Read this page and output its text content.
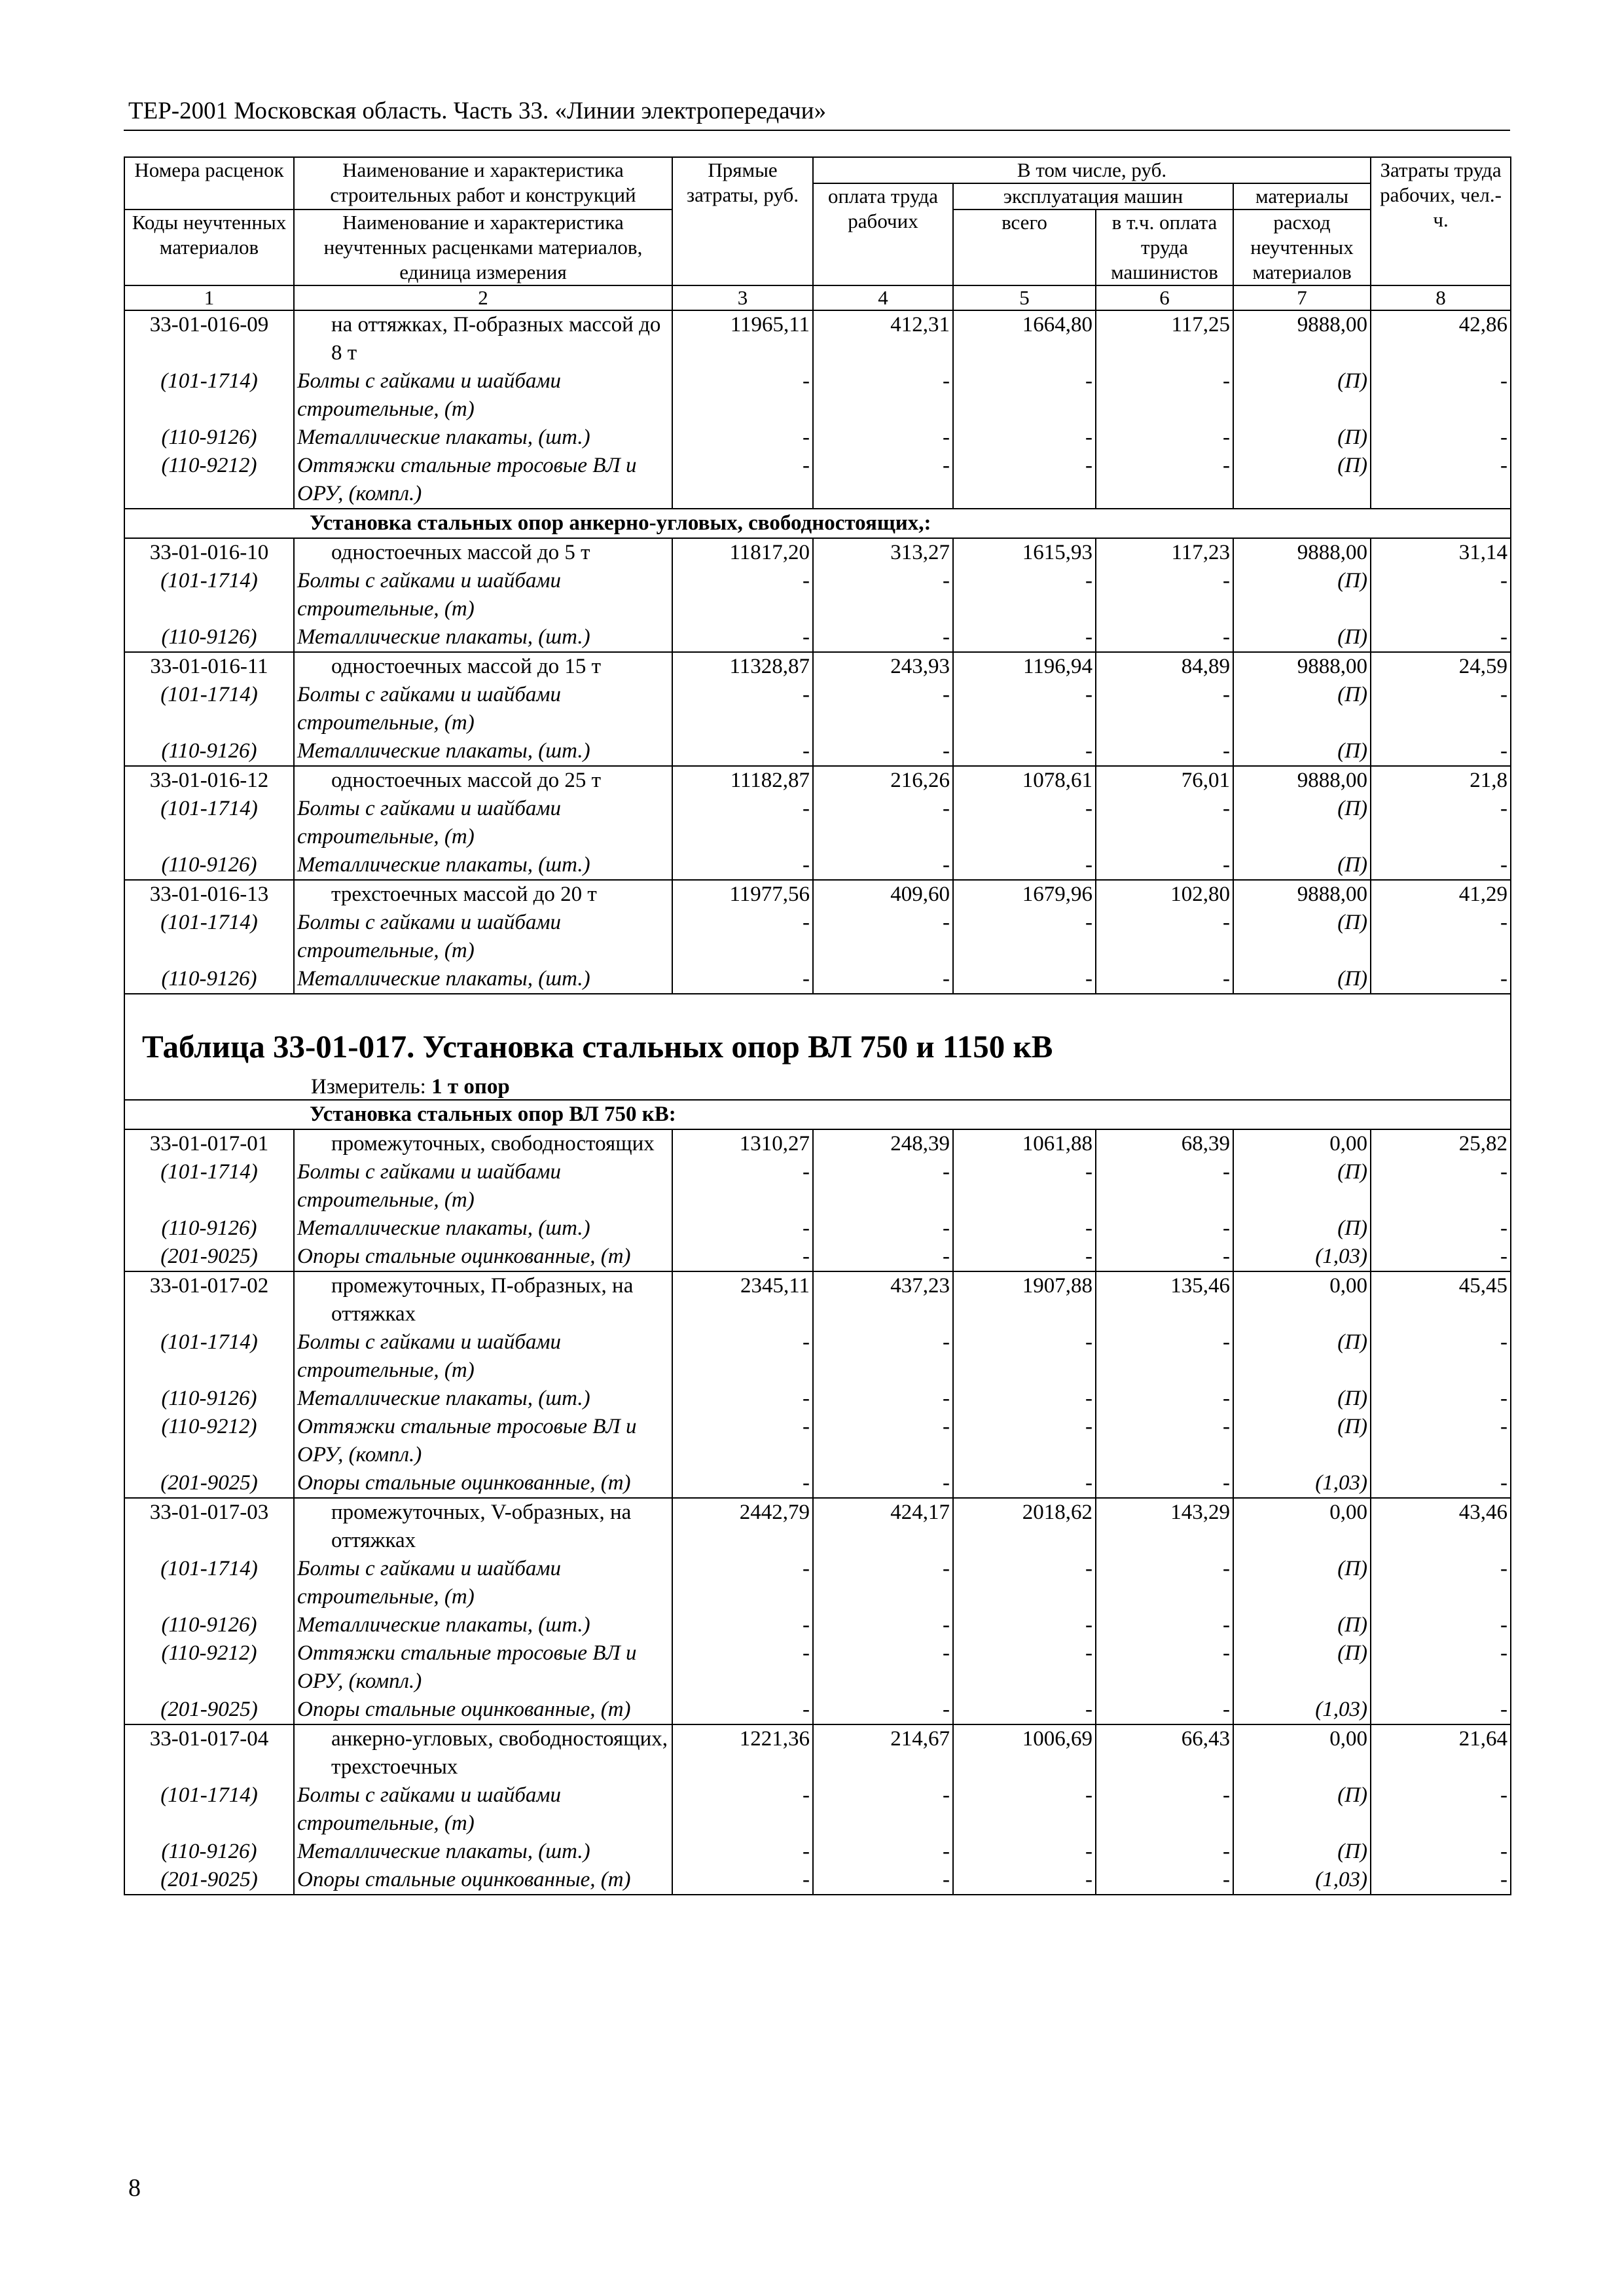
ТЕР-2001 Московская область. Часть 33. «Линии электропередачи»
Номера расценок	Наименование и характеристика строительных работ и конструкций	Прямые затраты, руб.	В том числе, руб.				Затраты труда рабочих, чел.-ч.
			оплата труда рабочих	эксплуатация машин		материалы	
Коды неучтенных материалов	Наименование и характеристика неучтенных расценками материалов, единица измерения			всего	в т.ч. оплата труда машинистов	расход неучтенных материалов	

1	2	3	4	5	6	7	8
33-01-016-09	на оттяжках, П-образных массой до 8 т	11965,11	412,31	1664,80	117,25	9888,00	42,86
(101-1714)	Болты с гайками и шайбами строительные, (т)	-	-	-	-	(П)	-
(110-9126)	Металлические плакаты, (шт.)	-	-	-	-	(П)	-
(110-9212)	Оттяжки стальные тросовые ВЛ и ОРУ, (компл.)	-	-	-	-	(П)	-
Установка стальных опор анкерно-угловых, свободностоящих,:							
33-01-016-10	одностоечных массой до 5 т	11817,20	313,27	1615,93	117,23	9888,00	31,14
(101-1714)	Болты с гайками и шайбами строительные, (т)	-	-	-	-	(П)	-
(110-9126)	Металлические плакаты, (шт.)	-	-	-	-	(П)	-
33-01-016-11	одностоечных массой до 15 т	11328,87	243,93	1196,94	84,89	9888,00	24,59
(101-1714)	Болты с гайками и шайбами строительные, (т)	-	-	-	-	(П)	-
(110-9126)	Металлические плакаты, (шт.)	-	-	-	-	(П)	-
33-01-016-12	одностоечных массой до 25 т	11182,87	216,26	1078,61	76,01	9888,00	21,8
(101-1714)	Болты с гайками и шайбами строительные, (т)	-	-	-	-	(П)	-
(110-9126)	Металлические плакаты, (шт.)	-	-	-	-	(П)	-
33-01-016-13	трехстоечных массой до 20 т	11977,56	409,60	1679,96	102,80	9888,00	41,29
(101-1714)	Болты с гайками и шайбами строительные, (т)	-	-	-	-	(П)	-
(110-9126)	Металлические плакаты, (шт.)	-	-	-	-	(П)	-

Таблица 33-01-017. Установка стальных опор ВЛ 750 и 1150 кВ
Измеритель: 1 т опор							

Установка стальных опор ВЛ 750 кВ:							
33-01-017-01	промежуточных, свободностоящих	1310,27	248,39	1061,88	68,39	0,00	25,82
(101-1714)	Болты с гайками и шайбами строительные, (т)	-	-	-	-	(П)	-
(110-9126)	Металлические плакаты, (шт.)	-	-	-	-	(П)	-
(201-9025)	Опоры стальные оцинкованные, (т)	-	-	-	-	(1,03)	-
33-01-017-02	промежуточных, П-образных, на оттяжках	2345,11	437,23	1907,88	135,46	0,00	45,45
(101-1714)	Болты с гайками и шайбами строительные, (т)	-	-	-	-	(П)	-
(110-9126)	Металлические плакаты, (шт.)	-	-	-	-	(П)	-
(110-9212)	Оттяжки стальные тросовые ВЛ и ОРУ, (компл.)	-	-	-	-	(П)	-
(201-9025)	Опоры стальные оцинкованные, (т)	-	-	-	-	(1,03)	-
33-01-017-03	промежуточных, V-образных, на оттяжках	2442,79	424,17	2018,62	143,29	0,00	43,46
(101-1714)	Болты с гайками и шайбами строительные, (т)	-	-	-	-	(П)	-
(110-9126)	Металлические плакаты, (шт.)	-	-	-	-	(П)	-
(110-9212)	Оттяжки стальные тросовые ВЛ и ОРУ, (компл.)	-	-	-	-	(П)	-
(201-9025)	Опоры стальные оцинкованные, (т)	-	-	-	-	(1,03)	-
33-01-017-04	анкерно-угловых, свободностоящих, трехстоечных	1221,36	214,67	1006,69	66,43	0,00	21,64
(101-1714)	Болты с гайками и шайбами строительные, (т)	-	-	-	-	(П)	-
(110-9126)	Металлические плакаты, (шт.)	-	-	-	-	(П)	-
(201-9025)	Опоры стальные оцинкованные, (т)	-	-	-	-	(1,03)	-
8
